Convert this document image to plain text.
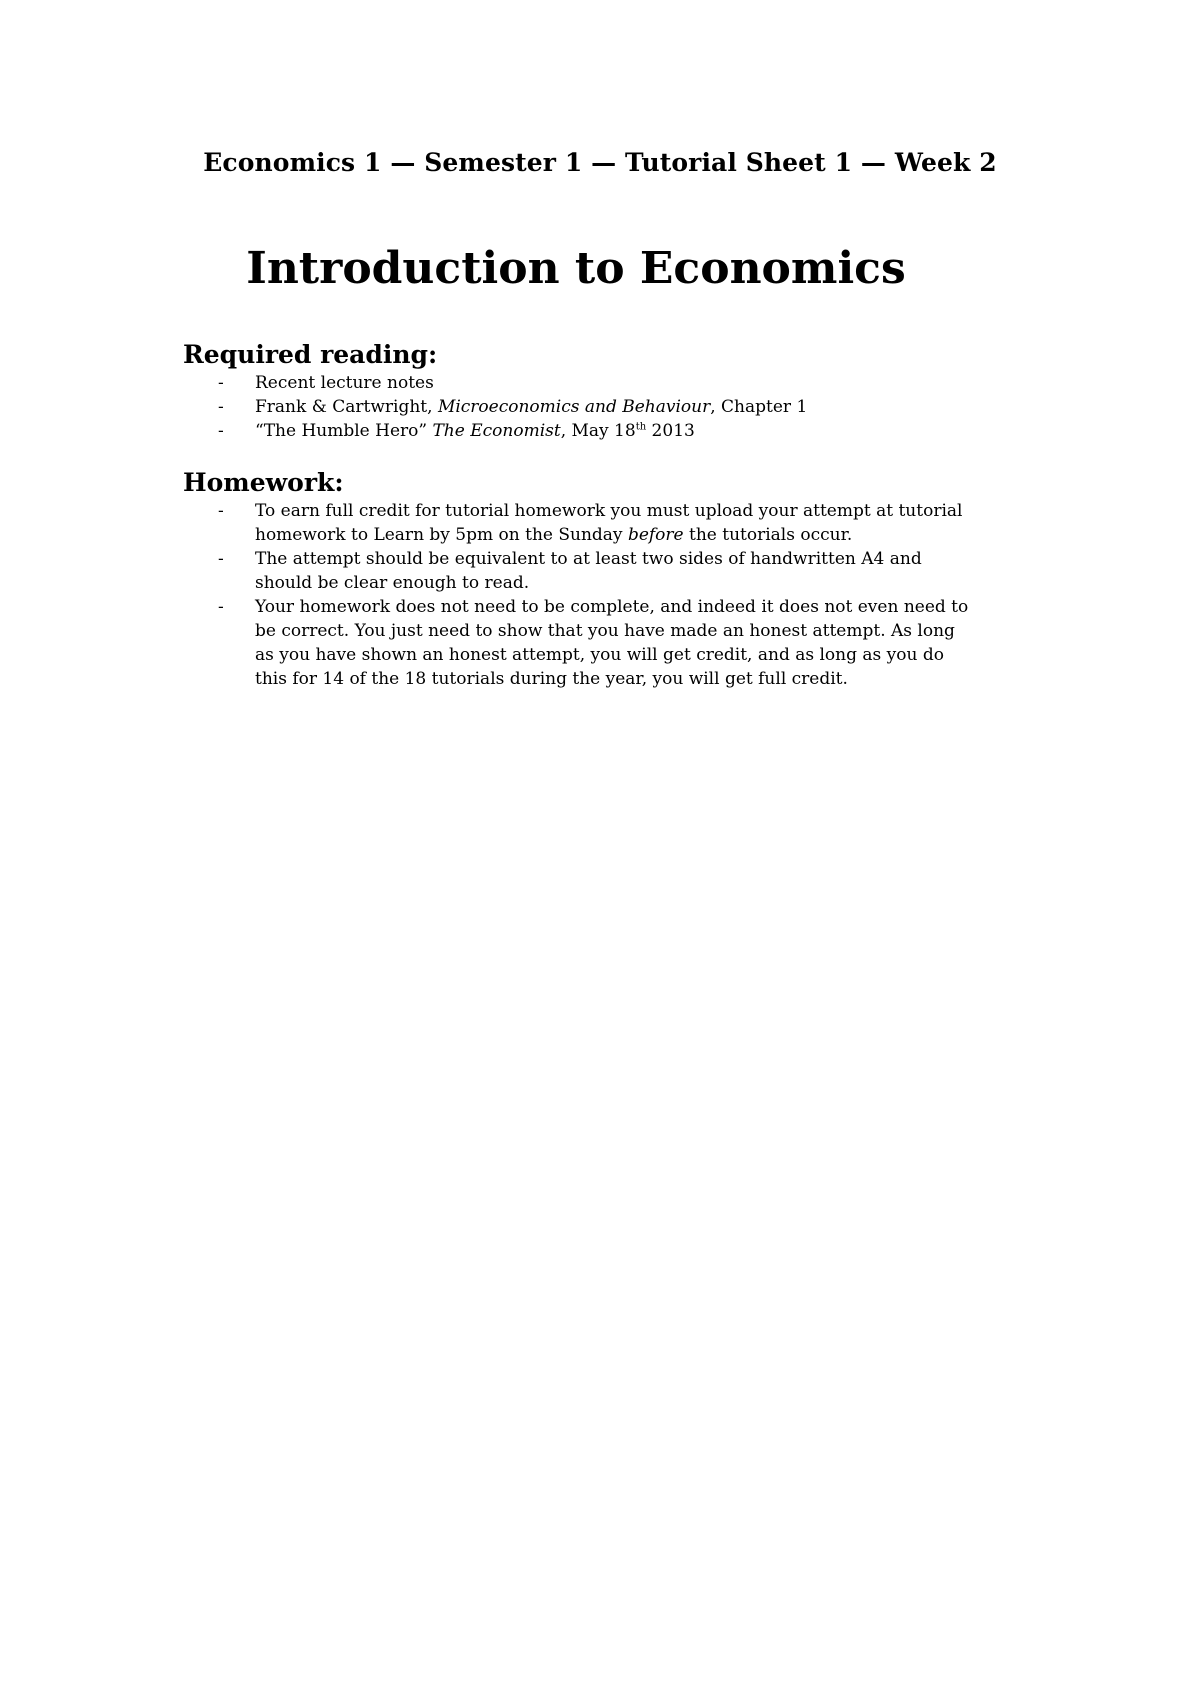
Economics 1 — Semester 1 — Tutorial Sheet 1 — Week 2
Introduction to Economics
Required reading:
- Recent lecture notes
- Frank & Cartwright, Microeconomics and Behaviour, Chapter 1
- “The Humble Hero” The Economist, May 18th 2013
Homework:
- To earn full credit for tutorial homework you must upload your attempt at tutorial homework to Learn by 5pm on the Sunday before the tutorials occur.
- The attempt should be equivalent to at least two sides of handwritten A4 and should be clear enough to read.
- Your homework does not need to be complete, and indeed it does not even need to be correct. You just need to show that you have made an honest attempt. As long as you have shown an honest attempt, you will get credit, and as long as you do this for 14 of the 18 tutorials during the year, you will get full credit.
